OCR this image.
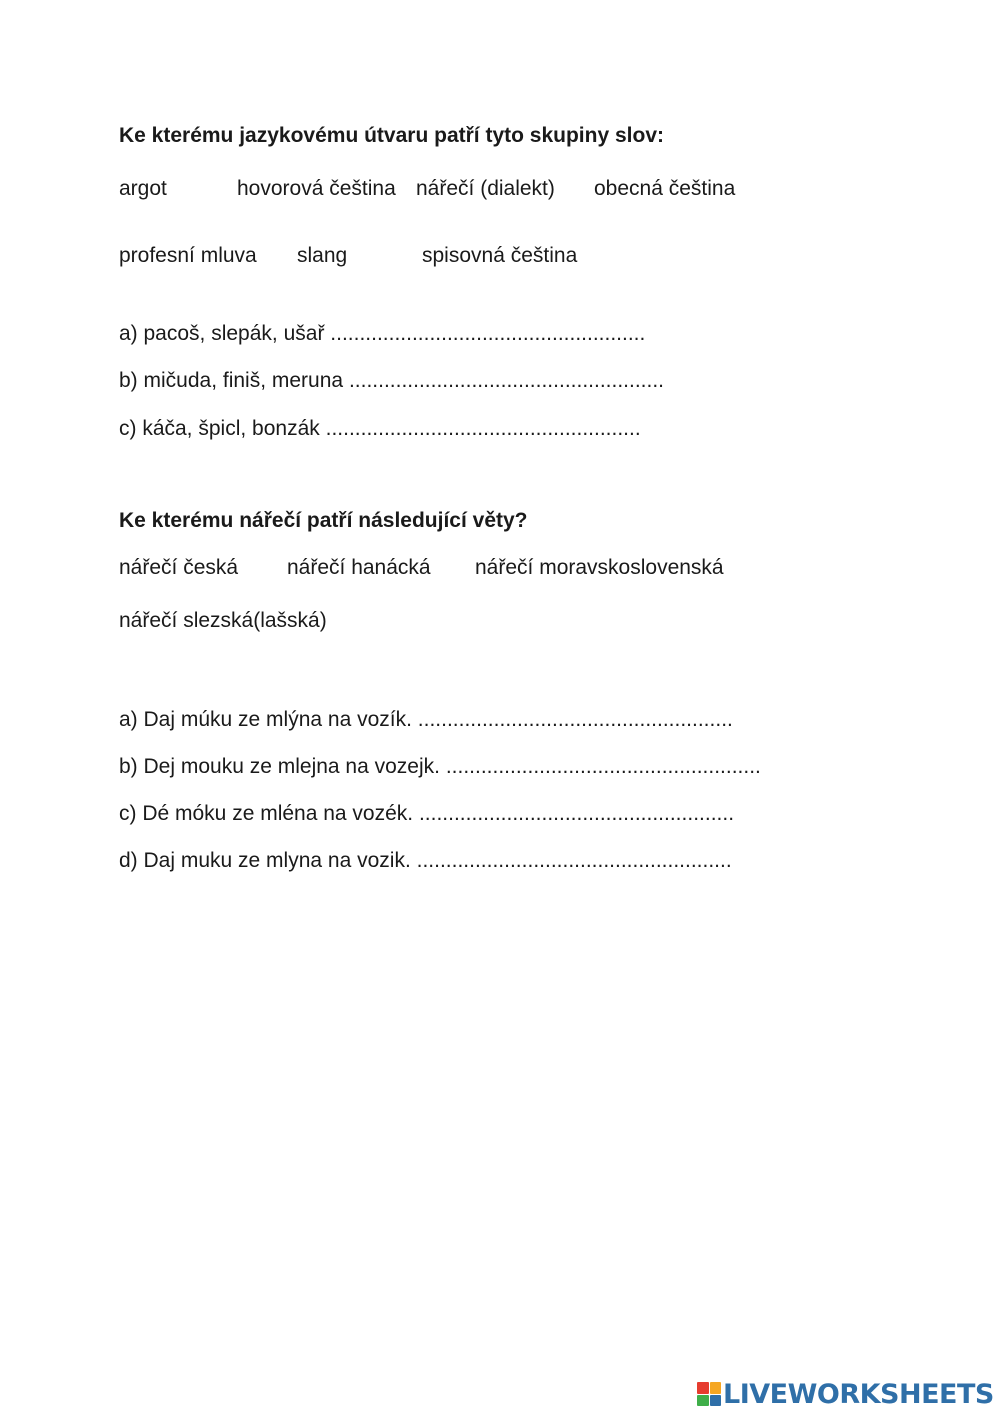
Ke kterému jazykovému útvaru patří tyto skupiny slov:
argot	hovorová čeština nářečí (dialekt) obecná čeština
profesní mluva slang	spisovná čeština
a) pacoš, slepák, ušař ......................................................
b) mičuda, finiš, meruna ......................................................
c) káča, špicl, bonzák ......................................................
Ke kterému nářečí patří následující věty?
nářečí česká nářečí hanácká nářečí moravskoslovenská
nářečí slezská(lašská)
a) Daj múku ze mlýna na vozík. ......................................................
b) Dej mouku ze mlejna na vozejk. ......................................................
c) Dé móku ze mléna na vozék. ......................................................
d) Daj muku ze mlyna na vozik. ......................................................
LIVEWORKSHEETS
